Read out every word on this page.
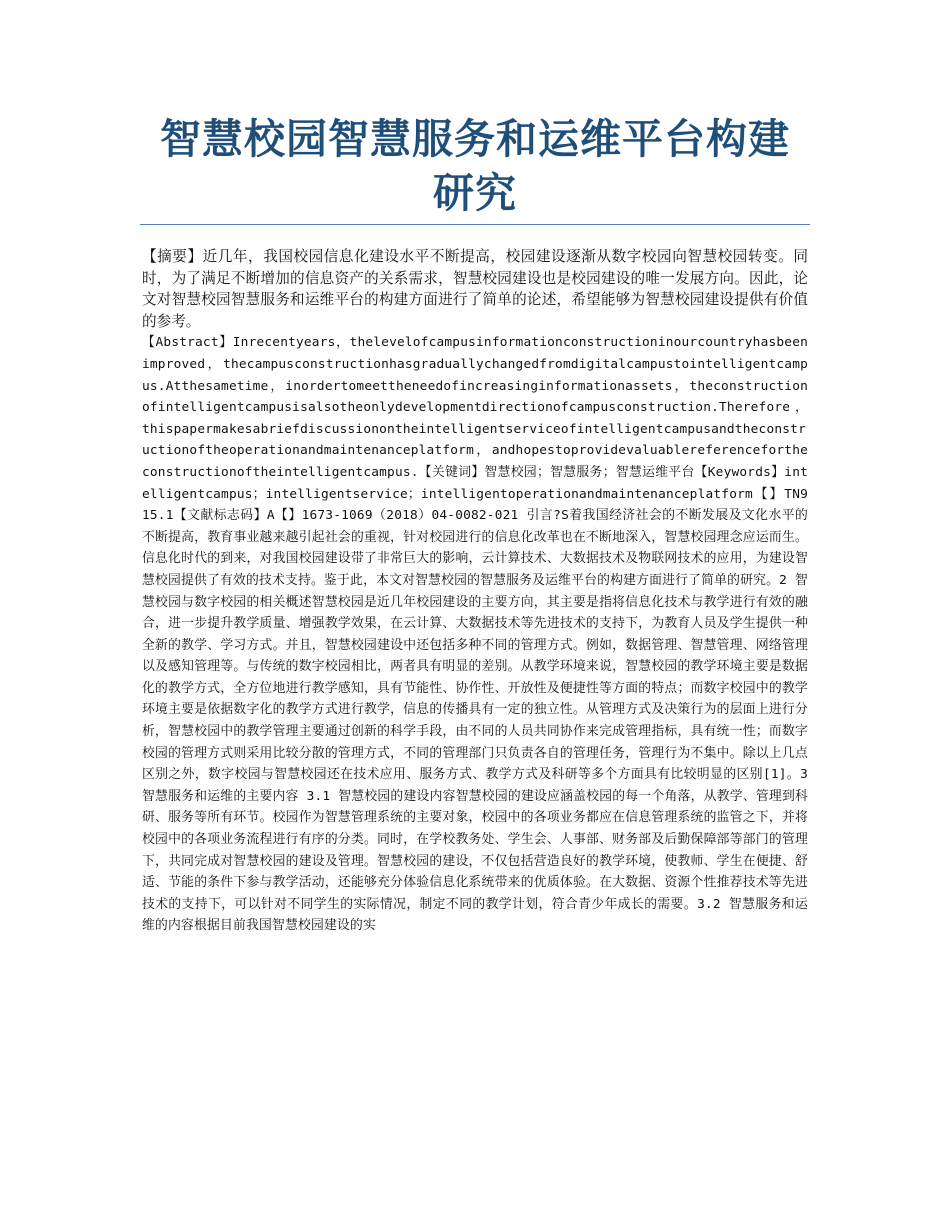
智慧校园智慧服务和运维平台构建研究

【摘要】近几年，我国校园信息化建设水平不断提高，校园建设逐渐从数字校园向智慧校园转变。同时，为了满足不断增加的信息资产的关系需求，智慧校园建设也是校园建设的唯一发展方向。因此，论文对智慧校园智慧服务和运维平台的构建方面进行了简单的论述，希望能够为智慧校园建设提供有价值的参考。

【Abstract】Inrecentyears，thelevelofcampusinformationconstructioninourcountryhasbeenimproved，thecampusconstructionhasgraduallychangedfromdigitalcampustointelligentcampus.Atthesametime，inordertomeettheneedofincreasinginformationassets，theconstructionofintelligentcampusisalsotheonlydevelopmentdirectionofcampusconstruction.Therefore，thispapermakesabriefdiscussionontheintelligentserviceofintelligentcampusandtheconstructionoftheoperationandmaintenanceplatform，andhopestoprovidevaluablereferencefortheconstructionoftheintelligentcampus.【关键词】智慧校园；智慧服务；智慧运维平台【Keywords】intelligentcampus；intelligentservice；intelligentoperationandmaintenanceplatform【】TN915.1【文献标志码】A【】1673-1069（2018）04-0082-021 引言?S着我国经济社会的不断发展及文化水平的不断提高，教育事业越来越引起社会的重视，针对校园进行的信息化改革也在不断地深入，智慧校园理念应运而生。信息化时代的到来，对我国校园建设带了非常巨大的影响，云计算技术、大数据技术及物联网技术的应用，为建设智慧校园提供了有效的技术支持。鉴于此，本文对智慧校园的智慧服务及运维平台的构建方面进行了简单的研究。2 智慧校园与数字校园的相关概述智慧校园是近几年校园建设的主要方向，其主要是指将信息化技术与教学进行有效的融合，进一步提升教学质量、增强教学效果，在云计算、大数据技术等先进技术的支持下，为教育人员及学生提供一种全新的教学、学习方式。并且，智慧校园建设中还包括多种不同的管理方式。例如，数据管理、智慧管理、网络管理以及感知管理等。与传统的数字校园相比，两者具有明显的差别。从教学环境来说，智慧校园的教学环境主要是数据化的教学方式，全方位地进行教学感知，具有节能性、协作性、开放性及便捷性等方面的特点；而数字校园中的教学环境主要是依据数字化的教学方式进行教学，信息的传播具有一定的独立性。从管理方式及决策行为的层面上进行分析，智慧校园中的教学管理主要通过创新的科学手段，由不同的人员共同协作来完成管理指标，具有统一性；而数字校园的管理方式则采用比较分散的管理方式，不同的管理部门只负责各自的管理任务，管理行为不集中。除以上几点区别之外，数字校园与智慧校园还在技术应用、服务方式、教学方式及科研等多个方面具有比较明显的区别[1]。3 智慧服务和运维的主要内容 3.1 智慧校园的建设内容智慧校园的建设应涵盖校园的每一个角落，从教学、管理到科研、服务等所有环节。校园作为智慧管理系统的主要对象，校园中的各项业务都应在信息管理系统的监管之下，并将校园中的各项业务流程进行有序的分类。同时，在学校教务处、学生会、人事部、财务部及后勤保障部等部门的管理下，共同完成对智慧校园的建设及管理。智慧校园的建设，不仅包括营造良好的教学环境，使教师、学生在便捷、舒适、节能的条件下参与教学活动，还能够充分体验信息化系统带来的优质体验。在大数据、资源个性推荐技术等先进技术的支持下，可以针对不同学生的实际情况，制定不同的教学计划，符合青少年成长的需要。3.2 智慧服务和运维的内容根据目前我国智慧校园建设的实
